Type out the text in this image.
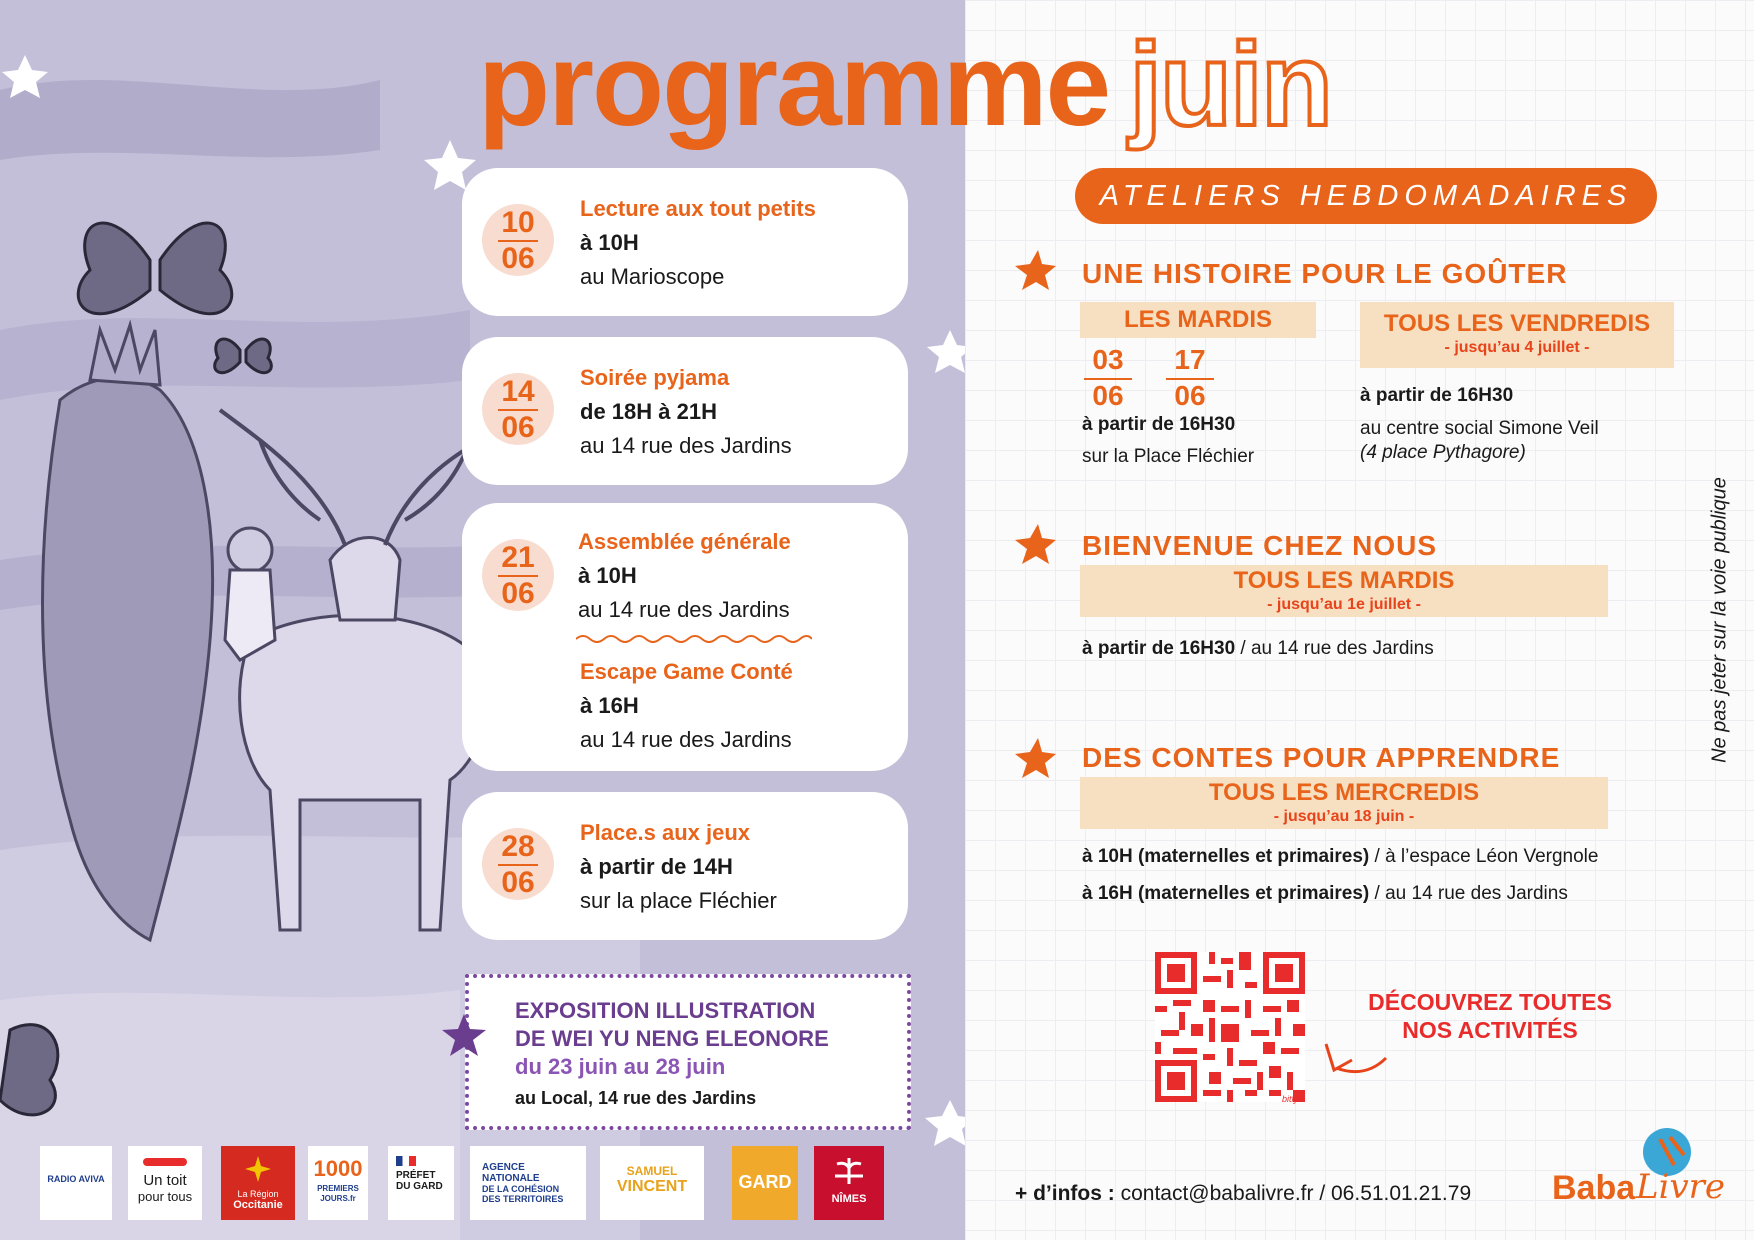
programme juin
10
06
Lecture aux tout petits
à 10H
au Marioscope
14
06
Soirée pyjama
de 18H à 21H
au 14 rue des Jardins
21
06
Assemblée générale
à 10H
au 14 rue des Jardins
Escape Game Conté
à 16H
au 14 rue des Jardins
28
06
Place.s aux jeux
à partir de 14H
sur la place Fléchier
EXPOSITION ILLUSTRATION
DE WEI YU NENG ELEONORE
du 23 juin au 28 juin
au Local, 14 rue des Jardins
RADIO AVIVA	Un toit
pour tous	La Région
Occitanie
1000
PREMIERS JOURS.fr
PRÉFET
DU GARD
AGENCE NATIONALE
DE LA COHÉSION DES TERRITOIRES
SAMUEL
VINCENT	GARD
NÎMES
ATELIERS HEBDOMADAIRES
UNE HISTOIRE POUR LE GOÛTER
LES MARDIS
03
06
17
06
à partir de 16H30
sur la Place Fléchier
TOUS LES VENDREDIS
- jusqu’au 4 juillet -
à partir de 16H30
au centre social Simone Veil
(4 place Pythagore)
BIENVENUE CHEZ NOUS
TOUS LES MARDIS
- jusqu’au 1e juillet -
à partir de 16H30 / au 14 rue des Jardins
DES CONTES POUR APPRENDRE
TOUS LES MERCREDIS
- jusqu’au 18 juin -
à 10H (maternelles et primaires) / à l’espace Léon Vergnole
à 16H (maternelles et primaires) / au 14 rue des Jardins
Ne pas jeter sur la voie publique
bitly
DÉCOUVREZ TOUTES
NOS ACTIVITÉS
+ d’infos : contact@babalivre.fr / 06.51.01.21.79 Baba Livre
